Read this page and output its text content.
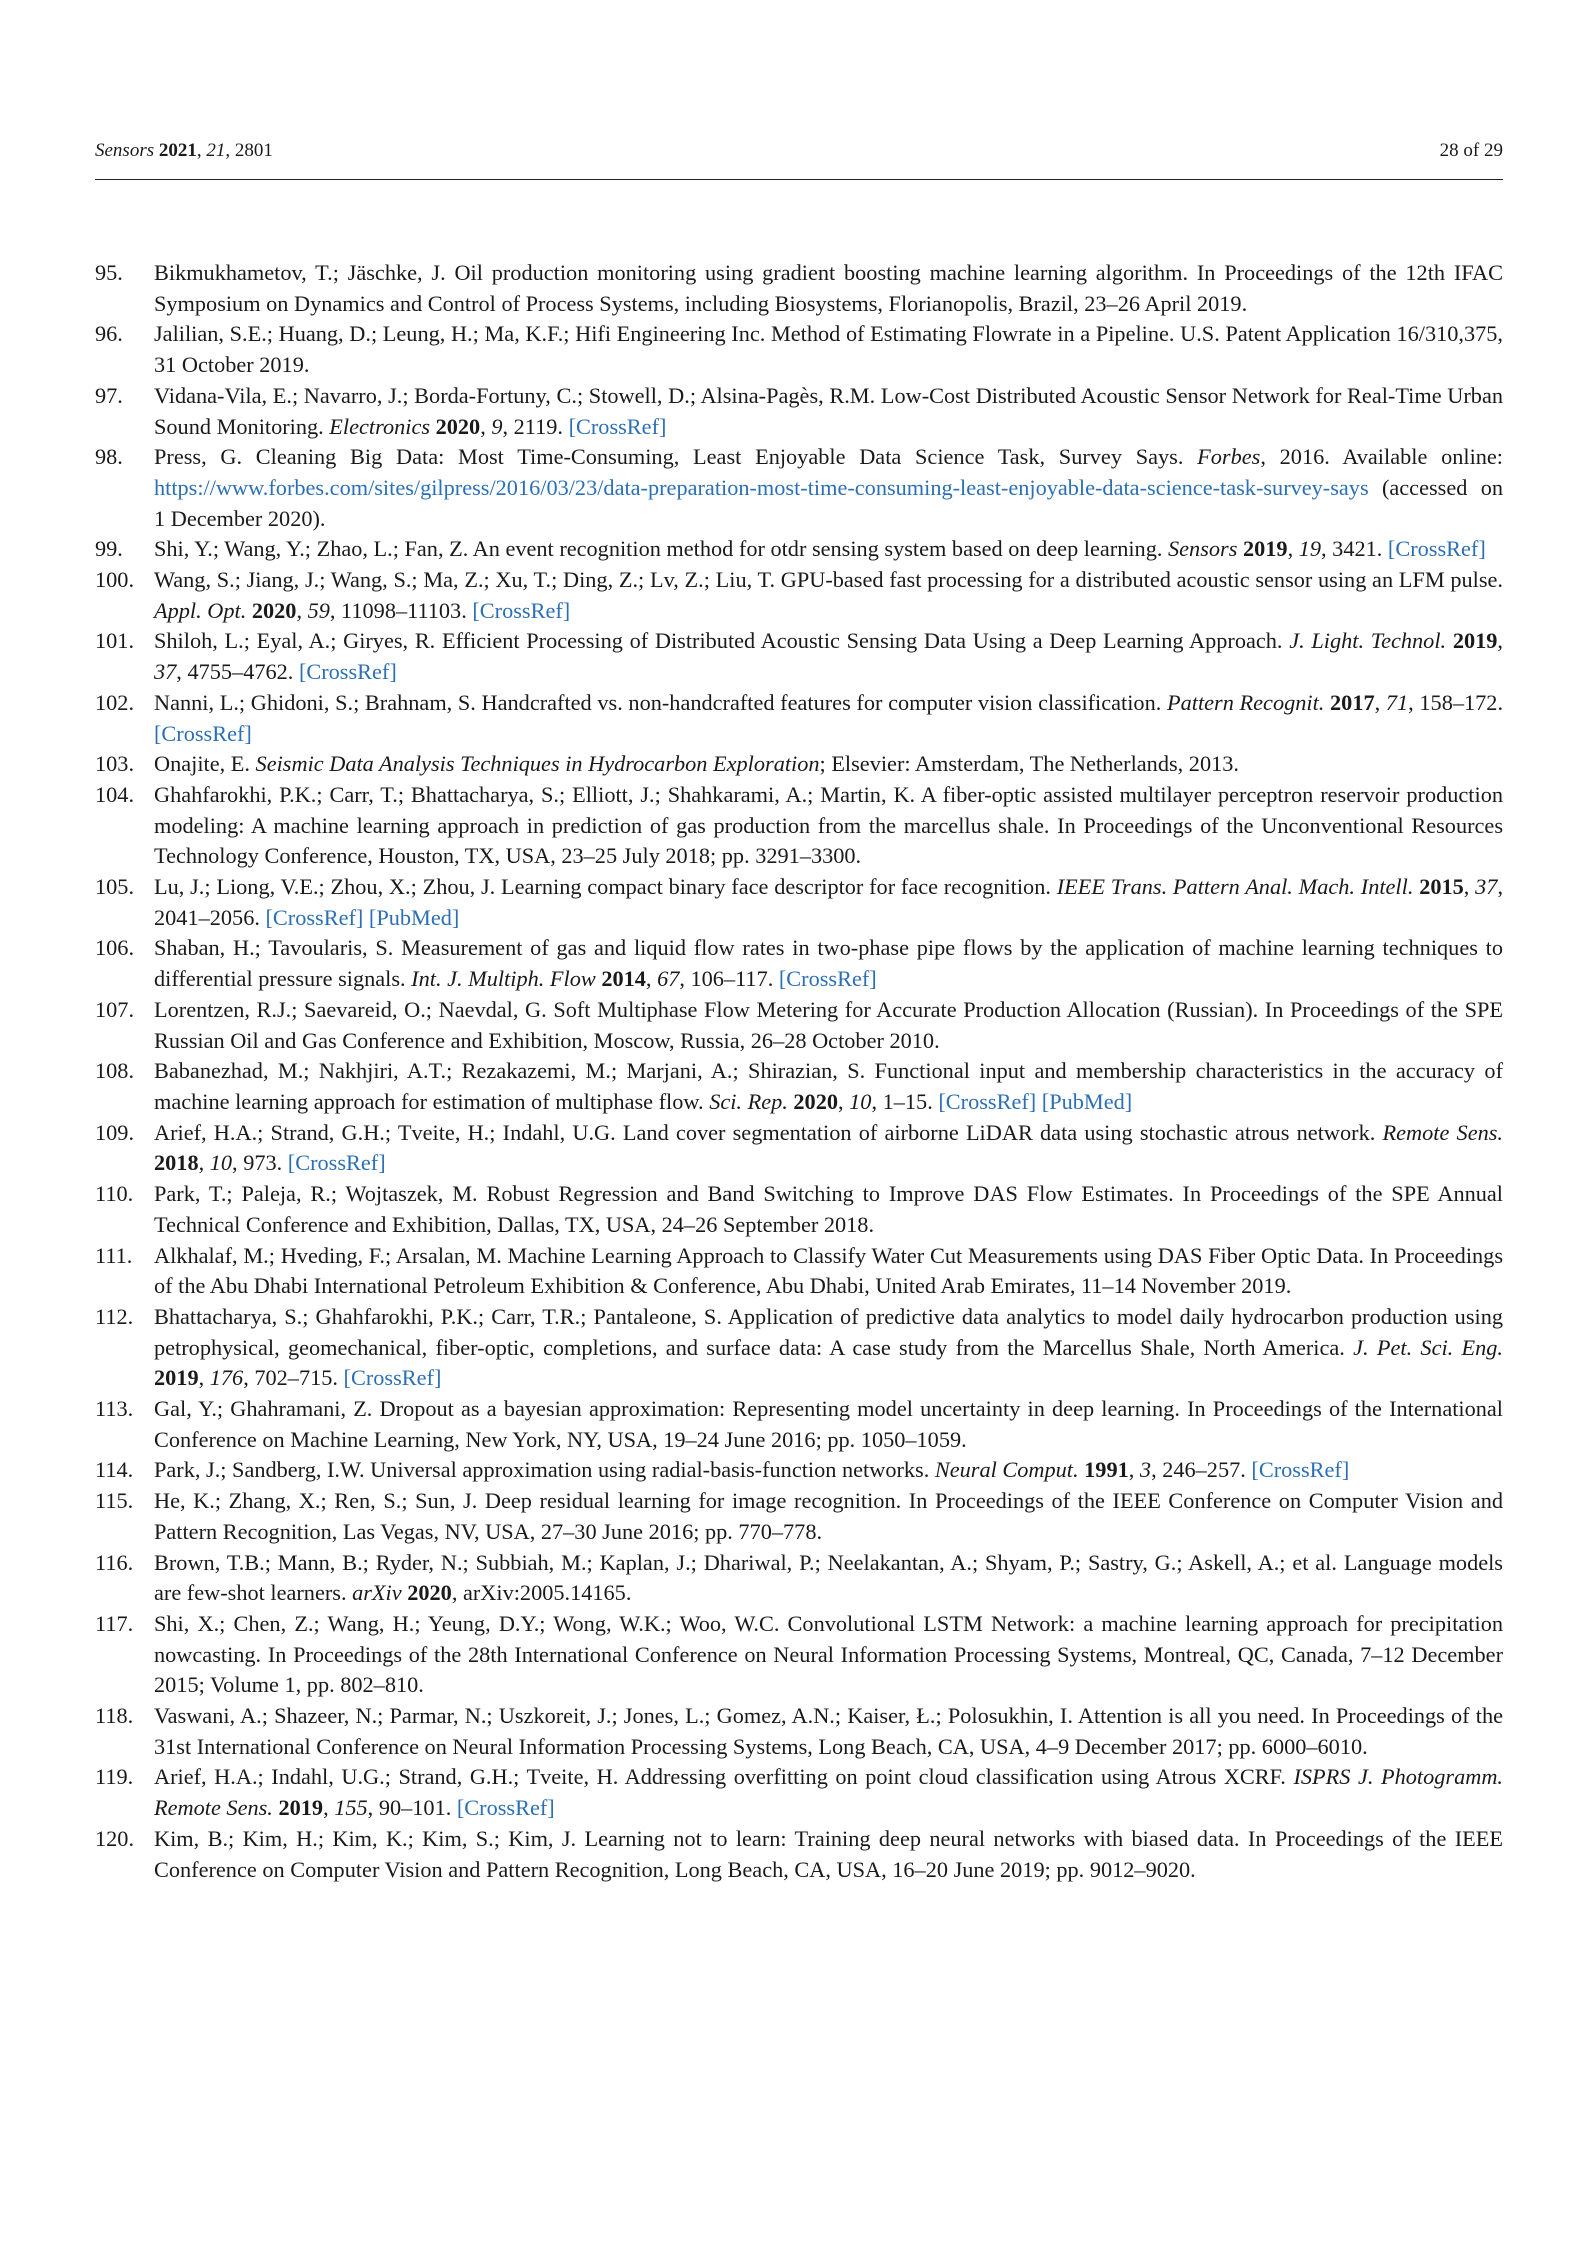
Sensors 2021, 21, 2801	28 of 29
95. Bikmukhametov, T.; Jäschke, J. Oil production monitoring using gradient boosting machine learning algorithm. In Proceedings of the 12th IFAC Symposium on Dynamics and Control of Process Systems, including Biosystems, Florianopolis, Brazil, 23–26 April 2019.
96. Jalilian, S.E.; Huang, D.; Leung, H.; Ma, K.F.; Hifi Engineering Inc. Method of Estimating Flowrate in a Pipeline. U.S. Patent Application 16/310,375, 31 October 2019.
97. Vidana-Vila, E.; Navarro, J.; Borda-Fortuny, C.; Stowell, D.; Alsina-Pagès, R.M. Low-Cost Distributed Acoustic Sensor Network for Real-Time Urban Sound Monitoring. Electronics 2020, 9, 2119. [CrossRef]
98. Press, G. Cleaning Big Data: Most Time-Consuming, Least Enjoyable Data Science Task, Survey Says. Forbes, 2016. Available online: https://www.forbes.com/sites/gilpress/2016/03/23/data-preparation-most-time-consuming-least-enjoyable-data-science-task-survey-says (accessed on 1 December 2020).
99. Shi, Y.; Wang, Y.; Zhao, L.; Fan, Z. An event recognition method for otdr sensing system based on deep learning. Sensors 2019, 19, 3421. [CrossRef]
100. Wang, S.; Jiang, J.; Wang, S.; Ma, Z.; Xu, T.; Ding, Z.; Lv, Z.; Liu, T. GPU-based fast processing for a distributed acoustic sensor using an LFM pulse. Appl. Opt. 2020, 59, 11098–11103. [CrossRef]
101. Shiloh, L.; Eyal, A.; Giryes, R. Efficient Processing of Distributed Acoustic Sensing Data Using a Deep Learning Approach. J. Light. Technol. 2019, 37, 4755–4762. [CrossRef]
102. Nanni, L.; Ghidoni, S.; Brahnam, S. Handcrafted vs. non-handcrafted features for computer vision classification. Pattern Recognit. 2017, 71, 158–172. [CrossRef]
103. Onajite, E. Seismic Data Analysis Techniques in Hydrocarbon Exploration; Elsevier: Amsterdam, The Netherlands, 2013.
104. Ghahfarokhi, P.K.; Carr, T.; Bhattacharya, S.; Elliott, J.; Shahkarami, A.; Martin, K. A fiber-optic assisted multilayer perceptron reservoir production modeling: A machine learning approach in prediction of gas production from the marcellus shale. In Proceedings of the Unconventional Resources Technology Conference, Houston, TX, USA, 23–25 July 2018; pp. 3291–3300.
105. Lu, J.; Liong, V.E.; Zhou, X.; Zhou, J. Learning compact binary face descriptor for face recognition. IEEE Trans. Pattern Anal. Mach. Intell. 2015, 37, 2041–2056. [CrossRef] [PubMed]
106. Shaban, H.; Tavoularis, S. Measurement of gas and liquid flow rates in two-phase pipe flows by the application of machine learning techniques to differential pressure signals. Int. J. Multiph. Flow 2014, 67, 106–117. [CrossRef]
107. Lorentzen, R.J.; Saevareid, O.; Naevdal, G. Soft Multiphase Flow Metering for Accurate Production Allocation (Russian). In Proceedings of the SPE Russian Oil and Gas Conference and Exhibition, Moscow, Russia, 26–28 October 2010.
108. Babanezhad, M.; Nakhjiri, A.T.; Rezakazemi, M.; Marjani, A.; Shirazian, S. Functional input and membership characteristics in the accuracy of machine learning approach for estimation of multiphase flow. Sci. Rep. 2020, 10, 1–15. [CrossRef] [PubMed]
109. Arief, H.A.; Strand, G.H.; Tveite, H.; Indahl, U.G. Land cover segmentation of airborne LiDAR data using stochastic atrous network. Remote Sens. 2018, 10, 973. [CrossRef]
110. Park, T.; Paleja, R.; Wojtaszek, M. Robust Regression and Band Switching to Improve DAS Flow Estimates. In Proceedings of the SPE Annual Technical Conference and Exhibition, Dallas, TX, USA, 24–26 September 2018.
111. Alkhalaf, M.; Hveding, F.; Arsalan, M. Machine Learning Approach to Classify Water Cut Measurements using DAS Fiber Optic Data. In Proceedings of the Abu Dhabi International Petroleum Exhibition & Conference, Abu Dhabi, United Arab Emirates, 11–14 November 2019.
112. Bhattacharya, S.; Ghahfarokhi, P.K.; Carr, T.R.; Pantaleone, S. Application of predictive data analytics to model daily hydrocarbon production using petrophysical, geomechanical, fiber-optic, completions, and surface data: A case study from the Marcellus Shale, North America. J. Pet. Sci. Eng. 2019, 176, 702–715. [CrossRef]
113. Gal, Y.; Ghahramani, Z. Dropout as a bayesian approximation: Representing model uncertainty in deep learning. In Proceedings of the International Conference on Machine Learning, New York, NY, USA, 19–24 June 2016; pp. 1050–1059.
114. Park, J.; Sandberg, I.W. Universal approximation using radial-basis-function networks. Neural Comput. 1991, 3, 246–257. [CrossRef]
115. He, K.; Zhang, X.; Ren, S.; Sun, J. Deep residual learning for image recognition. In Proceedings of the IEEE Conference on Computer Vision and Pattern Recognition, Las Vegas, NV, USA, 27–30 June 2016; pp. 770–778.
116. Brown, T.B.; Mann, B.; Ryder, N.; Subbiah, M.; Kaplan, J.; Dhariwal, P.; Neelakantan, A.; Shyam, P.; Sastry, G.; Askell, A.; et al. Language models are few-shot learners. arXiv 2020, arXiv:2005.14165.
117. Shi, X.; Chen, Z.; Wang, H.; Yeung, D.Y.; Wong, W.K.; Woo, W.C. Convolutional LSTM Network: a machine learning approach for precipitation nowcasting. In Proceedings of the 28th International Conference on Neural Information Processing Systems, Montreal, QC, Canada, 7–12 December 2015; Volume 1, pp. 802–810.
118. Vaswani, A.; Shazeer, N.; Parmar, N.; Uszkoreit, J.; Jones, L.; Gomez, A.N.; Kaiser, Ł.; Polosukhin, I. Attention is all you need. In Proceedings of the 31st International Conference on Neural Information Processing Systems, Long Beach, CA, USA, 4–9 December 2017; pp. 6000–6010.
119. Arief, H.A.; Indahl, U.G.; Strand, G.H.; Tveite, H. Addressing overfitting on point cloud classification using Atrous XCRF. ISPRS J. Photogramm. Remote Sens. 2019, 155, 90–101. [CrossRef]
120. Kim, B.; Kim, H.; Kim, K.; Kim, S.; Kim, J. Learning not to learn: Training deep neural networks with biased data. In Proceedings of the IEEE Conference on Computer Vision and Pattern Recognition, Long Beach, CA, USA, 16–20 June 2019; pp. 9012–9020.
